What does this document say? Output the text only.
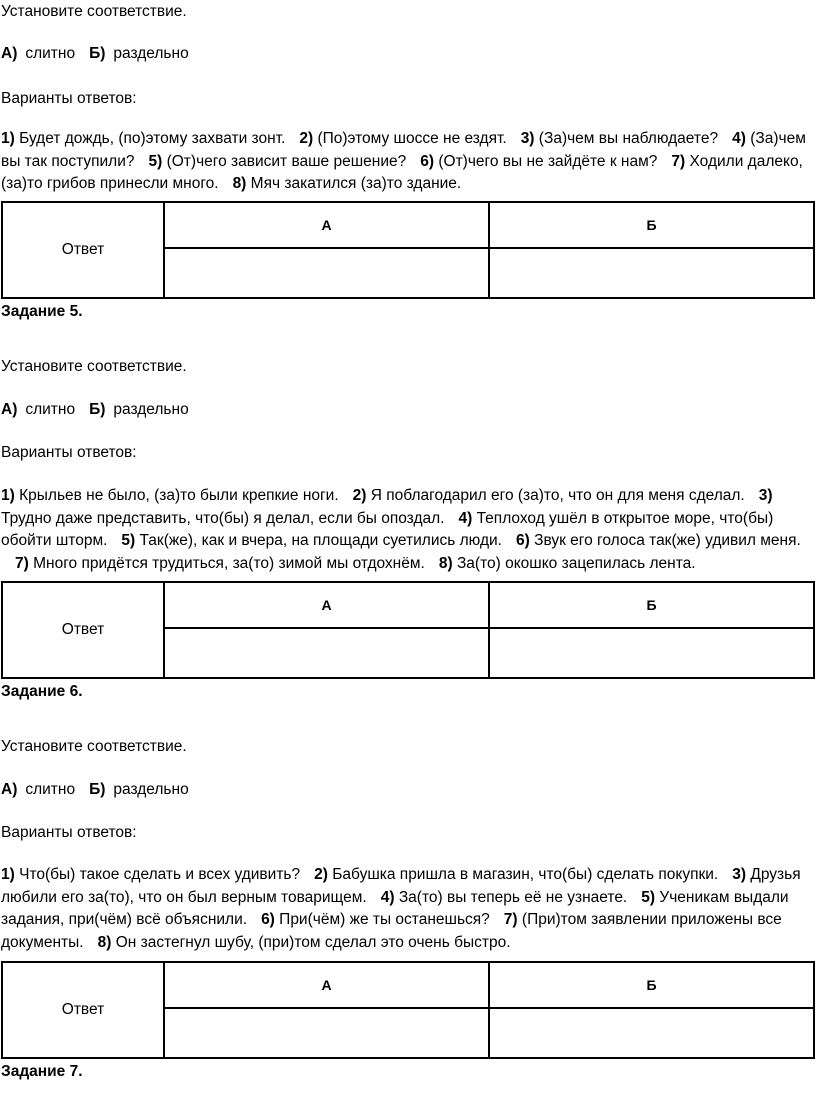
Установите соответствие.
А) слитно Б) раздельно
Варианты ответов:
1) Будет дождь, (по)этому захвати зонт. 2) (По)этому шоссе не ездят. 3) (За)чем вы наблюдаете? 4) (За)чем вы так поступили? 5) (От)чего зависит ваше решение? 6) (От)чего вы не зайдёте к нам? 7) Ходили далеко, (за)то грибов принесли много. 8) Мяч закатился (за)то здание.
Ответ	А	Б

Задание 5.
Установите соответствие.
А) слитно Б) раздельно
Варианты ответов:
1) Крыльев не было, (за)то были крепкие ноги. 2) Я поблагодарил его (за)то, что он для меня сделал. 3) Трудно даже представить, что(бы) я делал, если бы опоздал. 4) Теплоход ушёл в открытое море, что(бы) обойти шторм. 5) Так(же), как и вчера, на площади суетились люди. 6) Звук его голоса так(же) удивил меня.7) Много придётся трудиться, за(то) зимой мы отдохнём. 8) За(то) окошко зацепилась лента.
Ответ	А	Б

Задание 6.
Установите соответствие.
А) слитно Б) раздельно
Варианты ответов:
1) Что(бы) такое сделать и всех удивить? 2) Бабушка пришла в магазин, что(бы) сделать покупки. 3) Друзья любили его за(то), что он был верным товарищем. 4) За(то) вы теперь её не узнаете. 5) Ученикам выдали задания, при(чём) всё объяснили. 6) При(чём) же ты останешься? 7) (При)том заявлении приложены все документы. 8) Он застегнул шубу, (при)том сделал это очень быстро.
Ответ	А	Б

Задание 7.
